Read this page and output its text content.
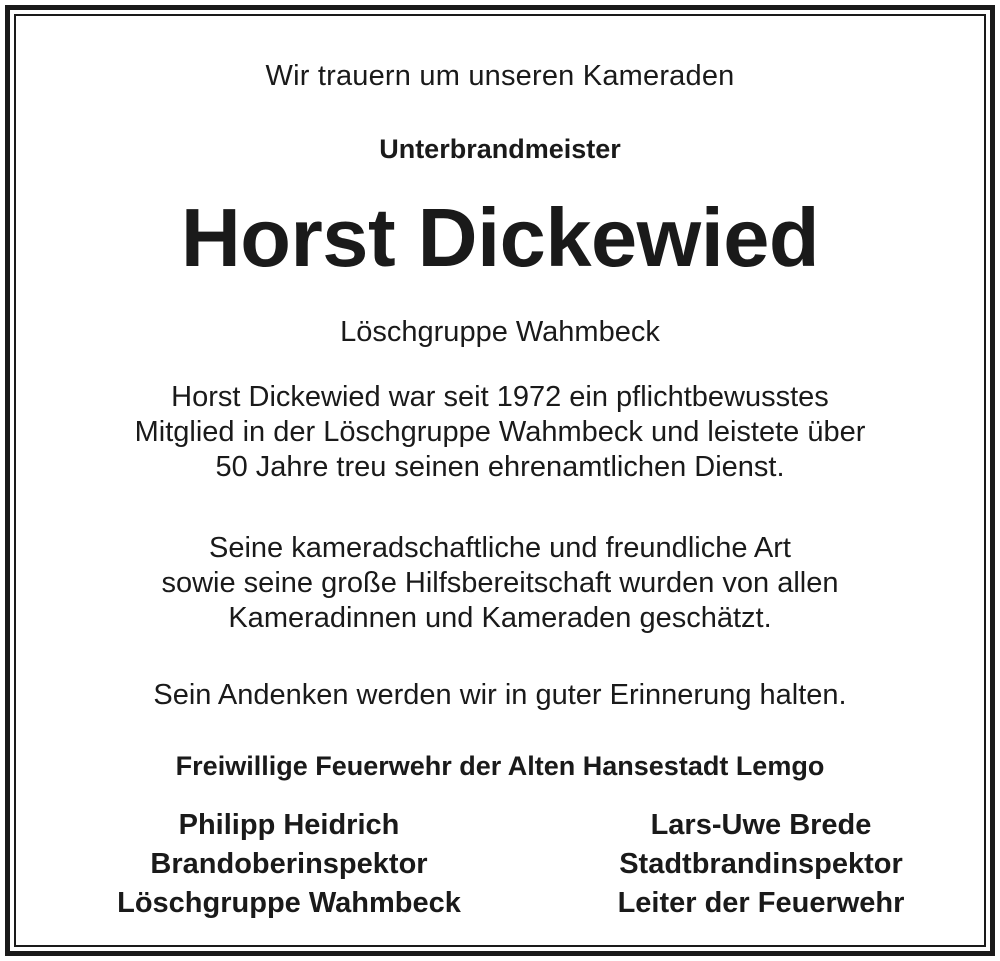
Wir trauern um unseren Kameraden
Unterbrandmeister
Horst Dickewied
Löschgruppe Wahmbeck
Horst Dickewied war seit 1972 ein pflichtbewusstes
Mitglied in der Löschgruppe Wahmbeck und leistete über
50 Jahre treu seinen ehrenamtlichen Dienst.
Seine kameradschaftliche und freundliche Art
sowie seine große Hilfsbereitschaft wurden von allen
Kameradinnen und Kameraden geschätzt.
Sein Andenken werden wir in guter Erinnerung halten.
Freiwillige Feuerwehr der Alten Hansestadt Lemgo
Philipp Heidrich
Brandoberinspektor
Löschgruppe Wahmbeck
Lars-Uwe Brede
Stadtbrandinspektor
Leiter der Feuerwehr
